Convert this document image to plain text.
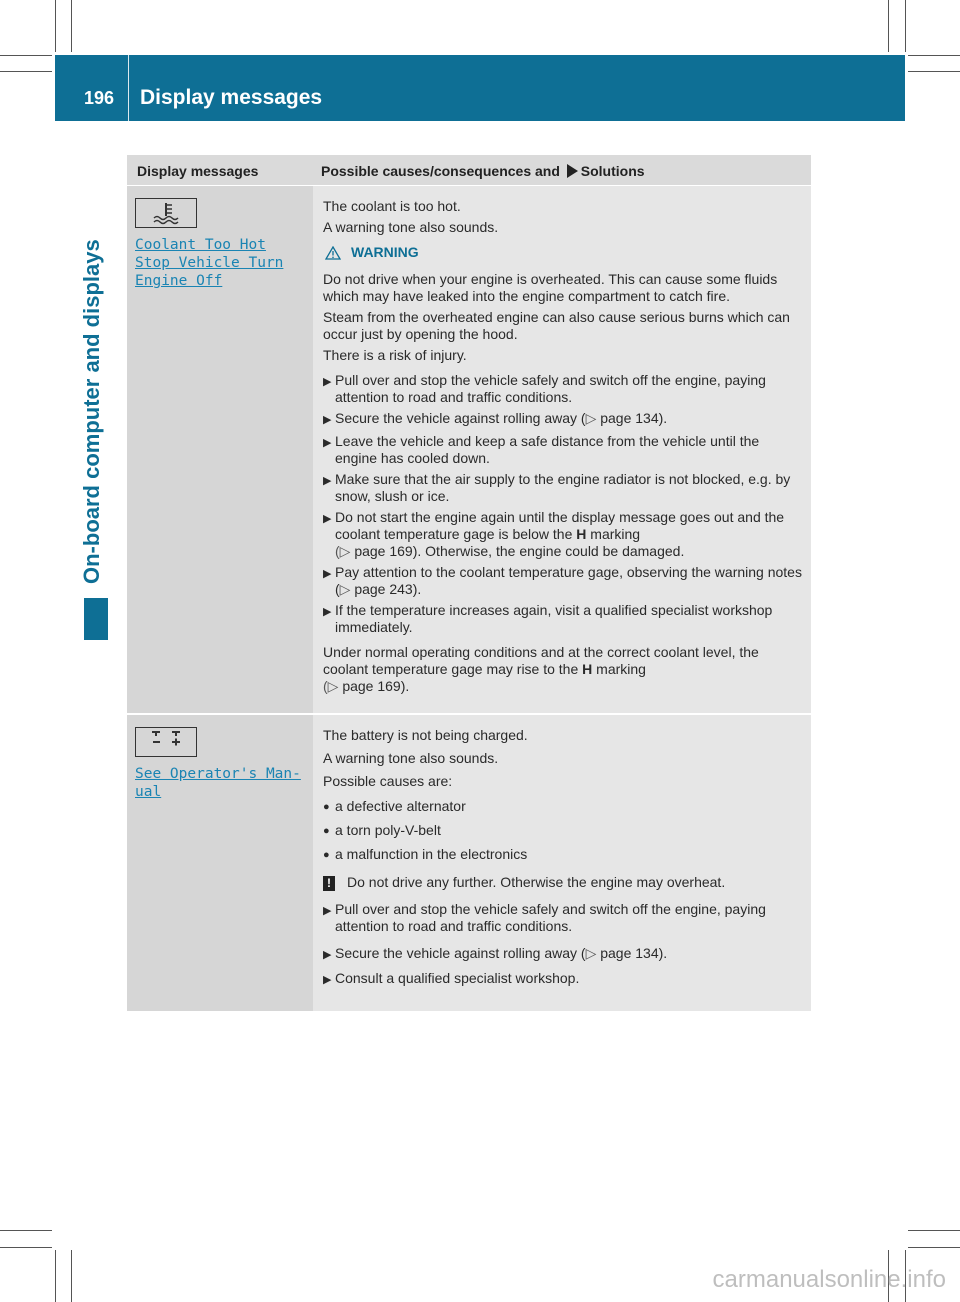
196 Display messages
On-board computer and displays
Display messages	Possible causes/consequences and Solutions
Coolant Too Hot
Stop Vehicle Turn
Engine Off

The coolant is too hot.

A warning tone also sounds.

WARNING

Do not drive when your engine is overheated. This can cause some fluids which may have leaked into the engine compartment to catch fire.

Steam from the overheated engine can also cause serious burns which can occur just by opening the hood.

There is a risk of injury.

▶ Pull over and stop the vehicle safely and switch off the engine, paying attention to road and traffic conditions.
▶ Secure the vehicle against rolling away (▷ page 134).
▶ Leave the vehicle and keep a safe distance from the vehicle until the engine has cooled down.
▶ Make sure that the air supply to the engine radiator is not blocked, e.g. by snow, slush or ice.
▶ Do not start the engine again until the display message goes out and the coolant temperature gage is below the H marking
(▷ page 169). Otherwise, the engine could be damaged.
▶ Pay attention to the coolant temperature gage, observing the warning notes (▷ page 243).
▶ If the temperature increases again, visit a qualified specialist workshop immediately.

Under normal operating conditions and at the correct coolant level, the coolant temperature gage may rise to the H marking
(▷ page 169).

See Operator's Man‐
ual

The battery is not being charged.

A warning tone also sounds.

Possible causes are:

● a defective alternator
● a torn poly-V-belt
● a malfunction in the electronics
!	Do not drive any further. Otherwise the engine may overheat.
▶ Pull over and stop the vehicle safely and switch off the engine, paying attention to road and traffic conditions.
▶ Secure the vehicle against rolling away (▷ page 134).
▶ Consult a qualified specialist workshop.
carmanualsonline.info
